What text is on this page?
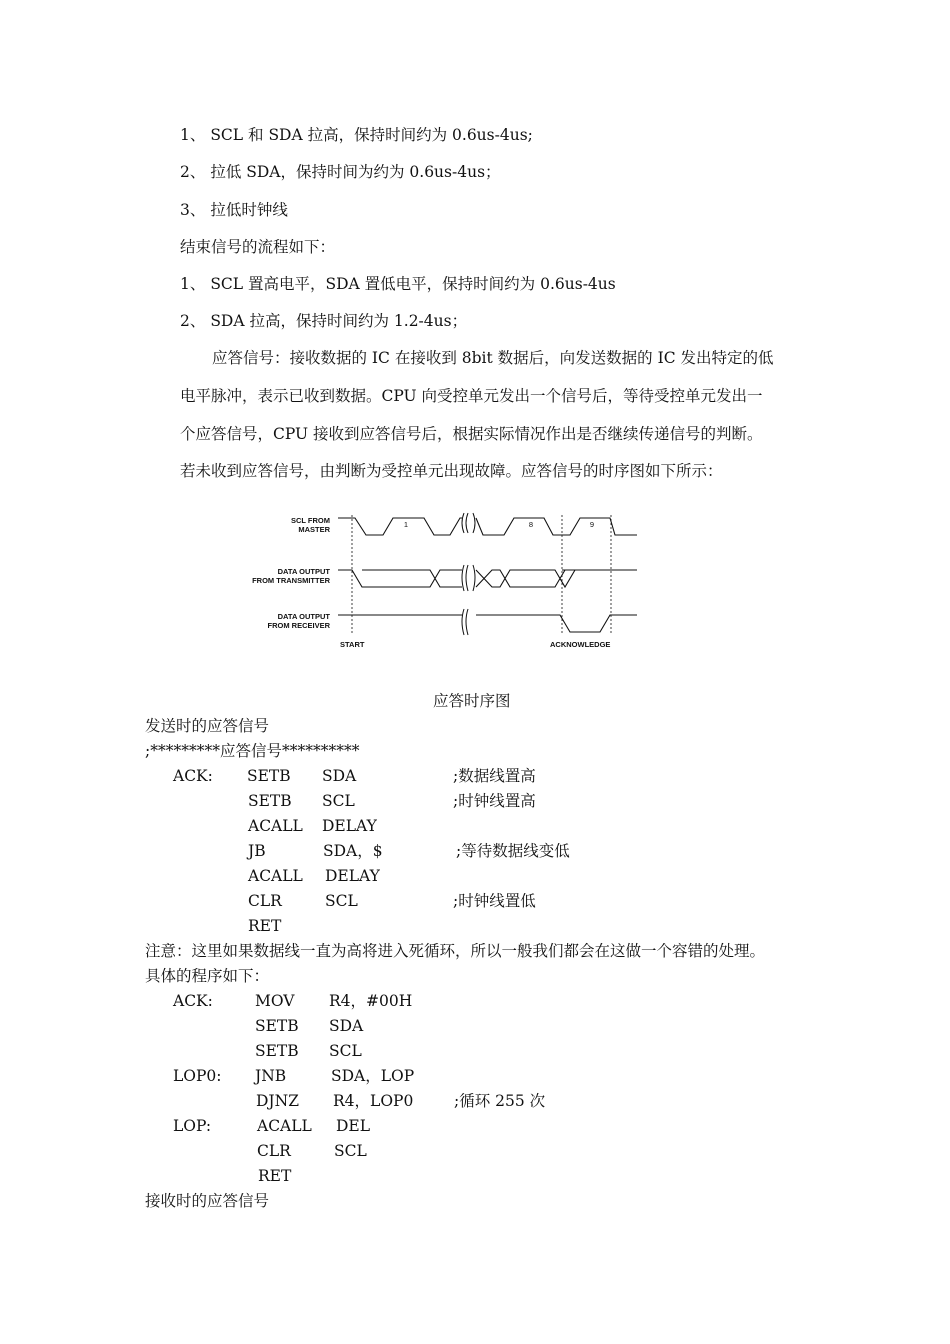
1、 SCL 和 SDA 拉高，保持时间约为 0.6us-4us;
2、 拉低 SDA，保持时间为约为 0.6us-4us；
3、 拉低时钟线
结束信号的流程如下：
1、 SCL 置高电平，SDA 置低电平，保持时间约为 0.6us-4us
2、 SDA 拉高，保持时间约为 1.2-4us；
应答信号：接收数据的 IC 在接收到 8bit 数据后，向发送数据的 IC 发出特定的低
电平脉冲，表示已收到数据。CPU 向受控单元发出一个信号后，等待受控单元发出一
个应答信号，CPU 接收到应答信号后，根据实际情况作出是否继续传递信号的判断。
若未收到应答信号，由判断为受控单元出现故障。应答信号的时序图如下所示：
SCL FROM
MASTER
DATA OUTPUT
FROM TRANSMITTER
DATA OUTPUT
FROM RECEIVER
1	8	9
START	ACKNOWLEDGE
应答时序图
发送时的应答信号
;*********应答信号**********
ACK: SETB SDA	;数据线置高
SETB SCL	;时钟线置高
ACALL DELAY
JB	SDA，$	;等待数据线变低
ACALL DELAY
CLR	SCL	;时钟线置低
RET
注意：这里如果数据线一直为高将进入死循环，所以一般我们都会在这做一个容错的处理。
具体的程序如下：
ACK:	MOV R4，#00H
SETB SDA
SETB SCL
LOP0: JNB	SDA，LOP
DJNZ R4，LOP0	;循环 255 次
LOP:	ACALL DEL
CLR	SCL
RET
接收时的应答信号
